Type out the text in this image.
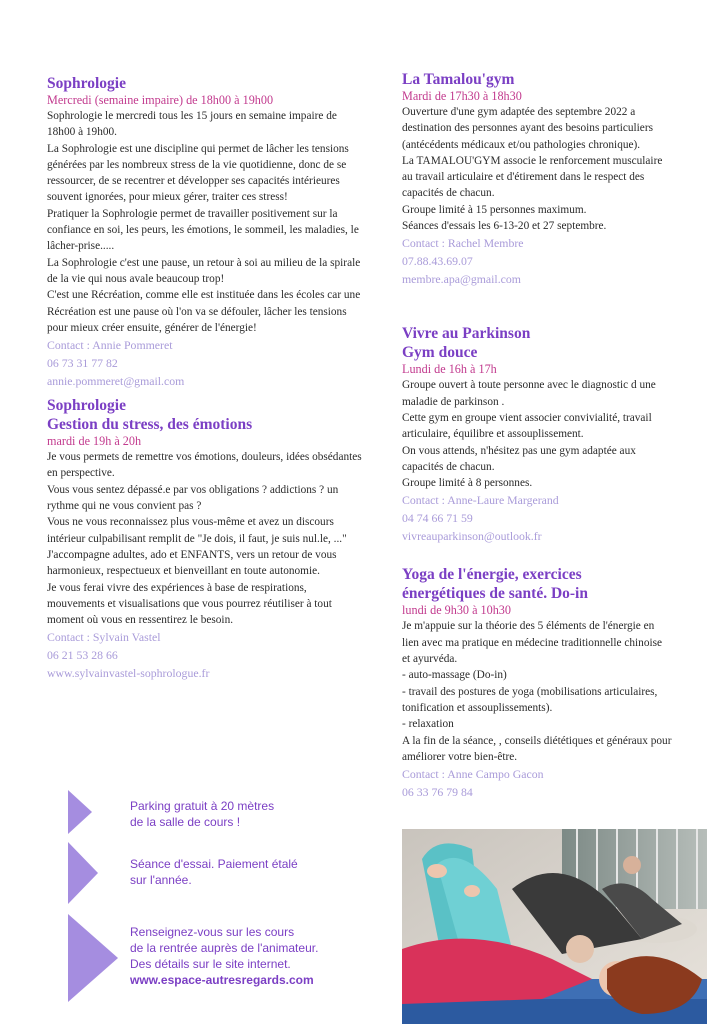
Sophrologie
Mercredi (semaine impaire) de 18h00 à 19h00

Sophrologie le mercredi tous les 15 jours en semaine impaire de 18h00 à 19h00.

La Sophrologie est une discipline qui permet de lâcher les tensions générées par les nombreux stress de la vie quotidienne, donc de se ressourcer, de se recentrer et développer ses capacités intérieures souvent ignorées, pour mieux gérer, traiter ces stress!

Pratiquer la Sophrologie permet de travailler positivement sur la confiance en soi, les peurs, les émotions, le sommeil, les maladies, le lâcher-prise.....

La Sophrologie c'est une pause, un retour à soi au milieu de la spirale de la vie qui nous avale beaucoup trop!

C'est une Récréation, comme elle est instituée dans les écoles car une Récréation est une pause où l'on va se défouler, lâcher les tensions pour mieux créer ensuite, générer de l'énergie!

Contact : Annie Pommeret
06 73 31 77 82
annie.pommeret@gmail.com
Sophrologie
Gestion du stress, des émotions
mardi de 19h à 20h

Je vous permets de remettre vos émotions, douleurs, idées obsédantes en perspective.

Vous vous sentez dépassé.e par vos obligations ? addictions ? un rythme qui ne vous convient pas ?

Vous ne vous reconnaissez plus vous-même et avez un discours intérieur culpabilisant remplit de "Je dois, il faut, je suis nul.le, ..."

J'accompagne adultes, ado et ENFANTS, vers un retour de vous harmonieux, respectueux et bienveillant en toute autonomie.

Je vous ferai vivre des expériences à base de respirations, mouvements et visualisations que vous pourrez réutiliser à tout moment où vous en ressentirez le besoin.

Contact : Sylvain Vastel
06 21 53 28 66
www.sylvainvastel-sophrologue.fr
Parking gratuit à 20 mètres
de la salle de cours !
Séance d'essai. Paiement étalé
sur l'année.
Renseignez-vous sur les cours
de la rentrée auprès de l'animateur.
Des détails sur le site internet.
www.espace-autresregards.com
La Tamalou'gym
Mardi de 17h30 à 18h30

Ouverture d'une gym adaptée des septembre 2022 a destination des personnes ayant des besoins particuliers (antécédents médicaux et/ou pathologies chronique).

La TAMALOU'GYM associe le renforcement musculaire au travail articulaire et d'étirement dans le respect des capacités de chacun.

Groupe limité à 15 personnes maximum.

Séances d'essais les 6-13-20 et 27 septembre.

Contact : Rachel Membre
07.88.43.69.07
membre.apa@gmail.com
Vivre au Parkinson
Gym douce
Lundi de 16h à 17h

Groupe ouvert à toute personne avec le diagnostic d une maladie de parkinson .

Cette gym en groupe vient associer convivialité, travail articulaire, équilibre et assouplissement.

On vous attends, n'hésitez pas une gym adaptée aux capacités de chacun.

Groupe limité à 8 personnes.

Contact : Anne-Laure Margerand
04 74 66 71 59
vivreauparkinson@outlook.fr
Yoga de l'énergie, exercices
énergétiques de santé. Do-in
lundi de 9h30 à 10h30

Je m'appuie sur la théorie des 5 éléments de l'énergie en lien avec ma pratique en médecine traditionnelle chinoise et ayurvéda.

- auto-massage (Do-in)

- travail des postures de yoga (mobilisations articulaires, tonification et assouplissements).

- relaxation

A la fin de la séance, , conseils diététiques et généraux pour améliorer votre bien-être.

Contact : Anne Campo Gacon
06 33 76 79 84
